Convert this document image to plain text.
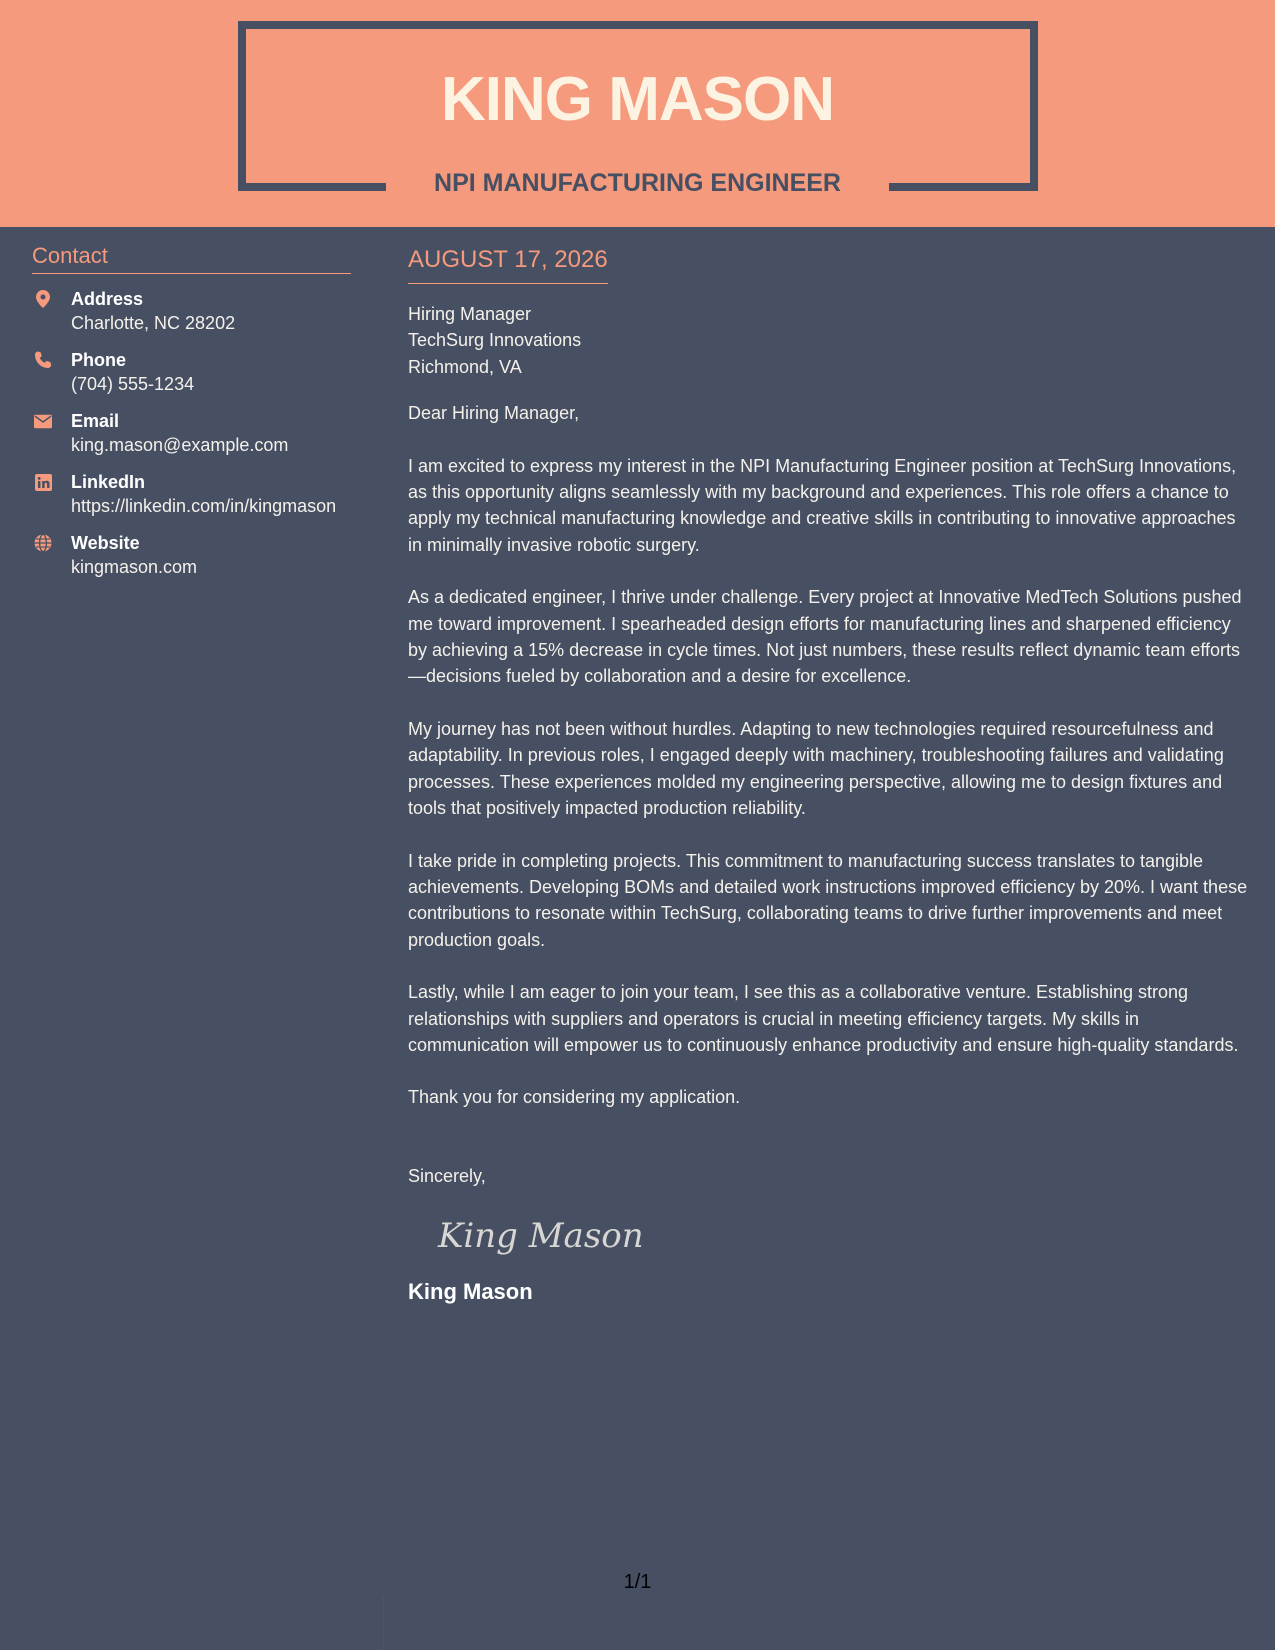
KING MASON
NPI MANUFACTURING ENGINEER
Contact
Address
Charlotte, NC 28202
Phone
(704) 555-1234
Email
king.mason@example.com
LinkedIn
https://linkedin.com/in/kingmason
Website
kingmason.com
AUGUST 17, 2026
Hiring Manager
TechSurg Innovations
Richmond, VA

Dear Hiring Manager,

I am excited to express my interest in the NPI Manufacturing Engineer position at TechSurg Innovations, as this opportunity aligns seamlessly with my background and experiences. This role offers a chance to apply my technical manufacturing knowledge and creative skills in contributing to innovative approaches in minimally invasive robotic surgery.

As a dedicated engineer, I thrive under challenge. Every project at Innovative MedTech Solutions pushed me toward improvement. I spearheaded design efforts for manufacturing lines and sharpened efficiency by achieving a 15% decrease in cycle times. Not just numbers, these results reflect dynamic team efforts—decisions fueled by collaboration and a desire for excellence.

My journey has not been without hurdles. Adapting to new technologies required resourcefulness and adaptability. In previous roles, I engaged deeply with machinery, troubleshooting failures and validating processes. These experiences molded my engineering perspective, allowing me to design fixtures and tools that positively impacted production reliability.

I take pride in completing projects. This commitment to manufacturing success translates to tangible achievements. Developing BOMs and detailed work instructions improved efficiency by 20%. I want these contributions to resonate within TechSurg, collaborating teams to drive further improvements and meet production goals.

Lastly, while I am eager to join your team, I see this as a collaborative venture. Establishing strong relationships with suppliers and operators is crucial in meeting efficiency targets. My skills in communication will empower us to continuously enhance productivity and ensure high-quality standards.

Thank you for considering my application.

Sincerely,

King Mason
King Mason
1/1
